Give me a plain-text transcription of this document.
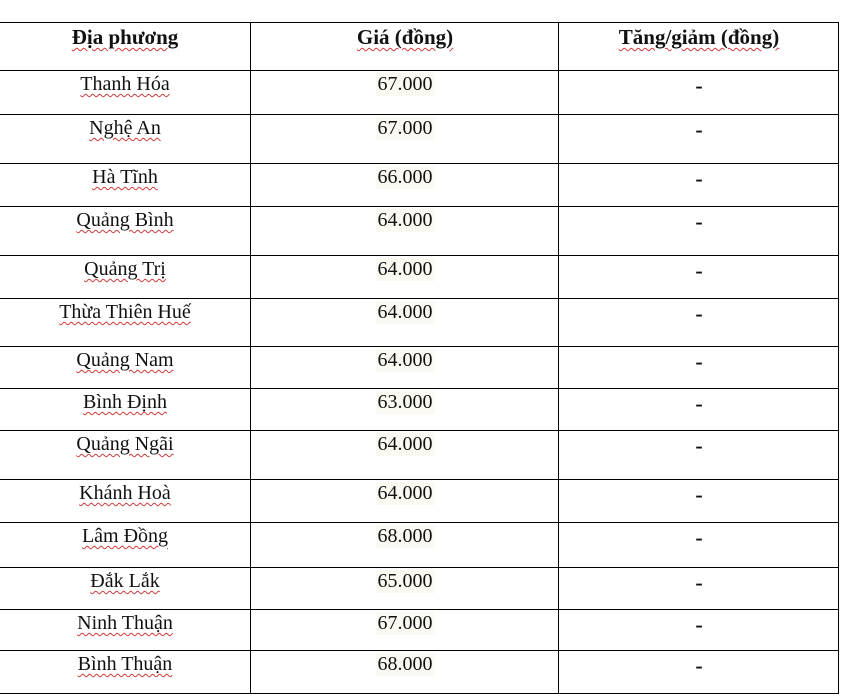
Địa phương	Giá (đồng)	Tăng/giảm (đồng)
Thanh Hóa	67.000	-
Nghệ An	67.000	-
Hà Tĩnh	66.000	-
Quảng Bình	64.000	-
Quảng Trị	64.000	-
Thừa Thiên Huế	64.000	-
Quảng Nam	64.000	-
Bình Định	63.000	-
Quảng Ngãi	64.000	-
Khánh Hoà	64.000	-
Lâm Đồng	68.000	-
Đắk Lắk	65.000	-
Ninh Thuận	67.000	-
Bình Thuận	68.000	-
